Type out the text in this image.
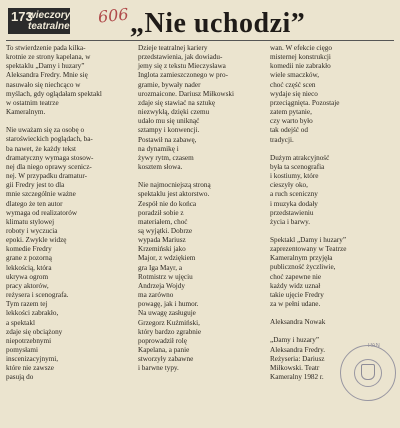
173
wieczory
teatralne 606 „Nie uchodzi”
To stwierdzenie pada kilka-
krotnie ze strony kapelana, w
spektaklu „Damy i huzary”
Aleksandra Fredry. Mnie się
nasuwało się niechcąco w
myślach, gdy oglądałam spektakl
w ostatnim teatrze
Kameralnym.
Nie uważam się za osobę o
staroświeckich poglądach, ba-
ba nawet, że każdy tekst
dramatyczny wymaga stosow-
nej dla niego oprawy scenicz-
nej. W przypadku dramatur-
gii Fredry jest to dla
mnie szczególnie ważne
dlatego że ten autor
wymaga od realizatorów
klimatu stylowej
roboty i wyczucia
epoki. Zwykle widzę
komedie Fredry
grane z pozorną
lekkością, która
ukrywa ogrom
pracy aktorów,
reżysera i scenografa.
Tym razem tej
lekkości zabrakło,
a spektakl
zdaje się obciążony
niepotrzebnymi
pomysłami
inscenizacyjnymi,
które nie zawsze
pasują do
Dzieje teatralnej kariery
przedstawienia, jak dowiadu-
jemy się z tekstu Mieczysława
Inglota zamieszczonego w pro-
gramie, bywały nader
urozmaicone. Dariusz Miłkowski
zdaje się stawiać na sztukę
niezwykłą, dzięki czemu
udało mu się uniknąć
sztampy i konwencji.
Postawił na zabawę,
na dynamikę i
żywy rytm, czasem
kosztem słowa.
Nie najmocniejszą stroną
spektaklu jest aktorstwo.
Zespół nie do końca
poradził sobie z
materiałem, choć
są wyjątki. Dobrze
wypada Mariusz
Krzemiński jako
Major, z wdziękiem
gra Iga Mayr, a
Rotmistrz w ujęciu
Andrzeja Wojdy
ma zarówno
powagę, jak i humor.
Na uwagę zasługuje
Grzegorz Kuźmiński,
który bardzo zgrabnie
poprowadził rolę
Kapelana, a panie
stworzyły zabawne
i barwne typy.
wan. W efekcie cięgo
misternej konstrukcji
komedii nie zabrakło
wiele smaczków,
choć część scen
wydaje się nieco
przeciągnięta. Pozostaje
zatem pytanie,
czy warto było
tak odejść od
tradycji.
Dużym atrakcyjność
była ta scenografia
i kostiumy, które
cieszyły oko,
a ruch sceniczny
i muzyka dodały
przedstawieniu
życia i barwy.
Spektakl „Damy i huzary”
zaprezentowany w Teatrze
Kameralnym przyjęła
publiczność życzliwie,
choć zapewne nie
każdy widz uznał
takie ujęcie Fredry
za w pełni udane.
Aleksandra Nowak
„Damy i huzary”
Aleksandra Fredry.
Reżyseria: Dariusz
Miłkowski. Teatr
Kameralny 1982 r.
PAN
